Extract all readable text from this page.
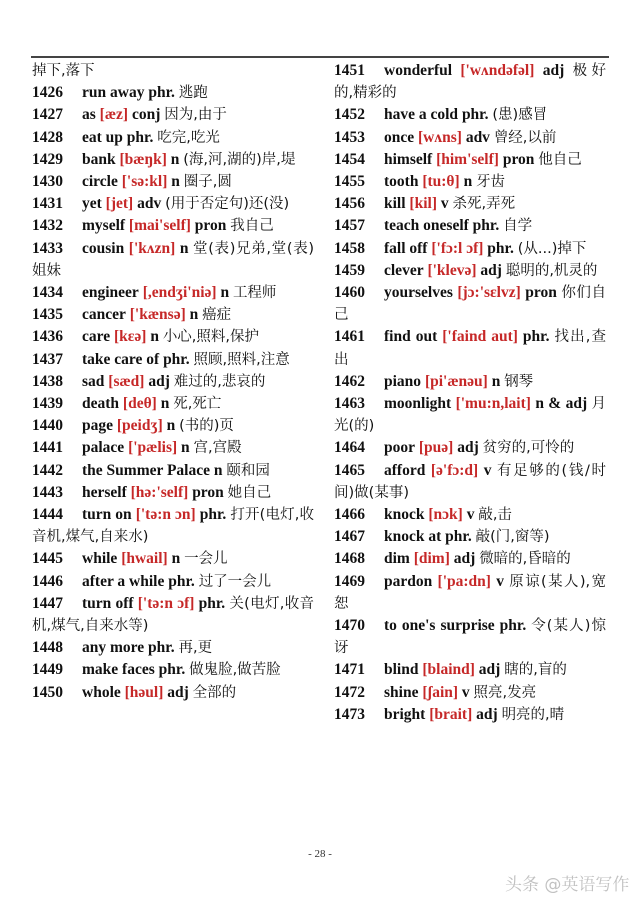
掉下,落下

1426 run away phr. 逃跑

1427 as [æz] conj 因为,由于

1428 eat up phr. 吃完,吃光

1429 bank [bæŋk] n (海,河,湖的)岸,堤

1430 circle ['sə:kl] n 圈子,圆

1431 yet [jet] adv (用于否定句)还(没)

1432 myself [mai'self] pron 我自己

1433 cousin ['kʌzn] n 堂(表)兄弟,堂(表)姐妹

1434 engineer [,endʒi'niə] n 工程师

1435 cancer ['kænsə] n 癌症

1436 care [kɛə] n 小心,照料,保护

1437 take care of phr. 照顾,照料,注意

1438 sad [sæd] adj 难过的,悲哀的

1439 death [deθ] n 死,死亡

1440 page [peidʒ] n (书的)页

1441 palace ['pælis] n 宫,宫殿

1442 the Summer Palace n 颐和园

1443 herself [hə:'self] pron 她自己

1444 turn on ['tə:n ɔn] phr. 打开(电灯,收音机,煤气,自来水)

1445 while [hwail] n 一会儿

1446 after a while phr. 过了一会儿

1447 turn off ['tə:n ɔf] phr. 关(电灯,收音机,煤气,自来水等)

1448 any more phr. 再,更

1449 make faces phr. 做鬼脸,做苦脸

1450 whole [həul] adj 全部的

1451 wonderful ['wʌndəfəl] adj 极好的,精彩的

1452 have a cold phr. (患)感冒

1453 once [wʌns] adv 曾经,以前

1454 himself [him'self] pron 他自己

1455 tooth [tu:θ] n 牙齿

1456 kill [kil] v 杀死,弄死

1457 teach oneself phr. 自学

1458 fall off ['fɔ:l ɔf] phr. (从...)掉下

1459 clever ['klevə] adj 聪明的,机灵的

1460 yourselves [jɔ:'sɛlvz] pron 你们自己

1461 find out ['faind aut] phr. 找出,查出

1462 piano [pi'ænəu] n 钢琴

1463 moonlight ['mu:n,lait] n & adj 月光(的)

1464 poor [puə] adj 贫穷的,可怜的

1465 afford [ə'fɔ:d] v 有足够的(钱/时间)做(某事)

1466 knock [nɔk] v 敲,击

1467 knock at phr. 敲(门,窗等)

1468 dim [dim] adj 微暗的,昏暗的

1469 pardon ['pa:dn] v 原谅(某人),宽恕

1470 to one's surprise phr. 令(某人)惊讶

1471 blind [blaind] adj 瞎的,盲的

1472 shine [ʃain] v 照亮,发亮

1473 bright [brait] adj 明亮的,晴

- 28 -
头条 @英语写作
